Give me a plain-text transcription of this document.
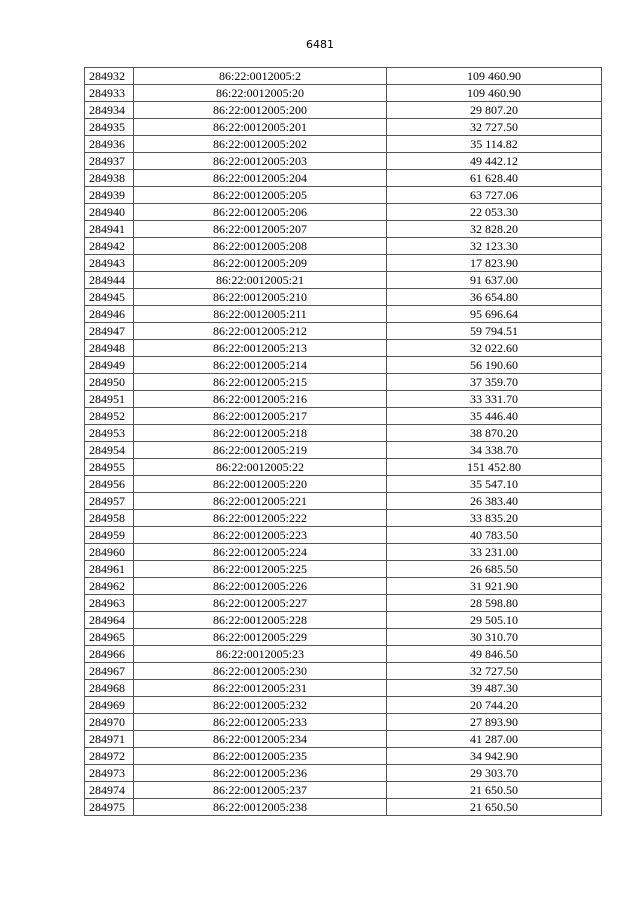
6481
284932	86:22:0012005:2	109 460.90
284933	86:22:0012005:20	109 460.90
284934	86:22:0012005:200	29 807.20
284935	86:22:0012005:201	32 727.50
284936	86:22:0012005:202	35 114.82
284937	86:22:0012005:203	49 442.12
284938	86:22:0012005:204	61 628.40
284939	86:22:0012005:205	63 727.06
284940	86:22:0012005:206	22 053.30
284941	86:22:0012005:207	32 828.20
284942	86:22:0012005:208	32 123.30
284943	86:22:0012005:209	17 823.90
284944	86:22:0012005:21	91 637.00
284945	86:22:0012005:210	36 654.80
284946	86:22:0012005:211	95 696.64
284947	86:22:0012005:212	59 794.51
284948	86:22:0012005:213	32 022.60
284949	86:22:0012005:214	56 190.60
284950	86:22:0012005:215	37 359.70
284951	86:22:0012005:216	33 331.70
284952	86:22:0012005:217	35 446.40
284953	86:22:0012005:218	38 870.20
284954	86:22:0012005:219	34 338.70
284955	86:22:0012005:22	151 452.80
284956	86:22:0012005:220	35 547.10
284957	86:22:0012005:221	26 383.40
284958	86:22:0012005:222	33 835.20
284959	86:22:0012005:223	40 783.50
284960	86:22:0012005:224	33 231.00
284961	86:22:0012005:225	26 685.50
284962	86:22:0012005:226	31 921.90
284963	86:22:0012005:227	28 598.80
284964	86:22:0012005:228	29 505.10
284965	86:22:0012005:229	30 310.70
284966	86:22:0012005:23	49 846.50
284967	86:22:0012005:230	32 727.50
284968	86:22:0012005:231	39 487.30
284969	86:22:0012005:232	20 744.20
284970	86:22:0012005:233	27 893.90
284971	86:22:0012005:234	41 287.00
284972	86:22:0012005:235	34 942.90
284973	86:22:0012005:236	29 303.70
284974	86:22:0012005:237	21 650.50
284975	86:22:0012005:238	21 650.50
